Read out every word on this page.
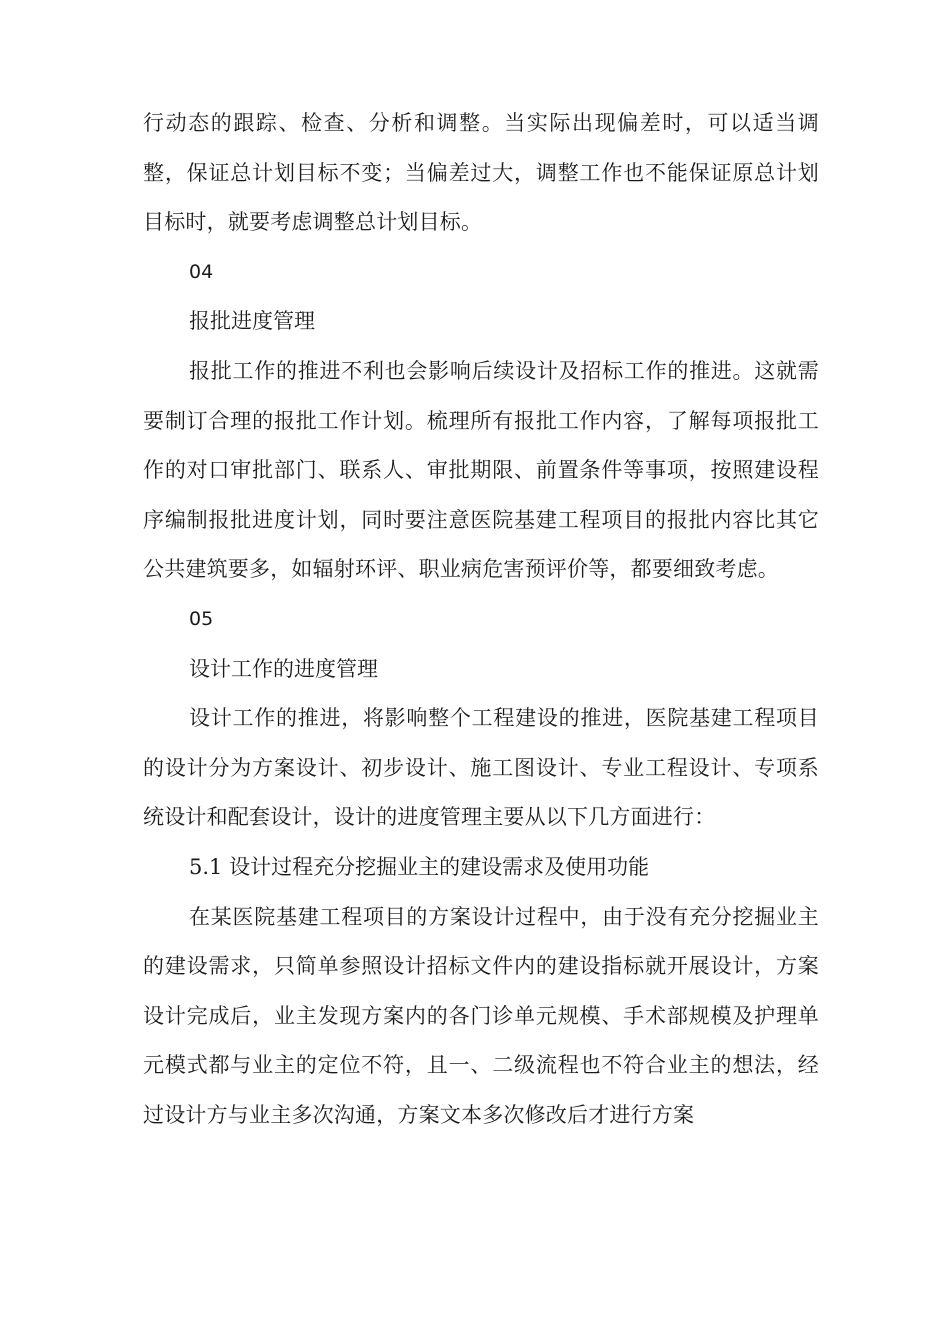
行动态的跟踪、检查、分析和调整。当实际出现偏差时，可以适当调整，保证总计划目标不变；当偏差过大，调整工作也不能保证原总计划目标时，就要考虑调整总计划目标。

04

报批进度管理

报批工作的推进不利也会影响后续设计及招标工作的推进。这就需要制订合理的报批工作计划。梳理所有报批工作内容，了解每项报批工作的对口审批部门、联系人、审批期限、前置条件等事项，按照建设程序编制报批进度计划，同时要注意医院基建工程项目的报批内容比其它公共建筑要多，如辐射环评、职业病危害预评价等，都要细致考虑。

05

设计工作的进度管理

设计工作的推进，将影响整个工程建设的推进，医院基建工程项目的设计分为方案设计、初步设计、施工图设计、专业工程设计、专项系统设计和配套设计，设计的进度管理主要从以下几方面进行：

5.1 设计过程充分挖掘业主的建设需求及使用功能

在某医院基建工程项目的方案设计过程中，由于没有充分挖掘业主的建设需求，只简单参照设计招标文件内的建设指标就开展设计，方案设计完成后，业主发现方案内的各门诊单元规模、手术部规模及护理单元模式都与业主的定位不符，且一、二级流程也不符合业主的想法，经过设计方与业主多次沟通，方案文本多次修改后才进行方案
